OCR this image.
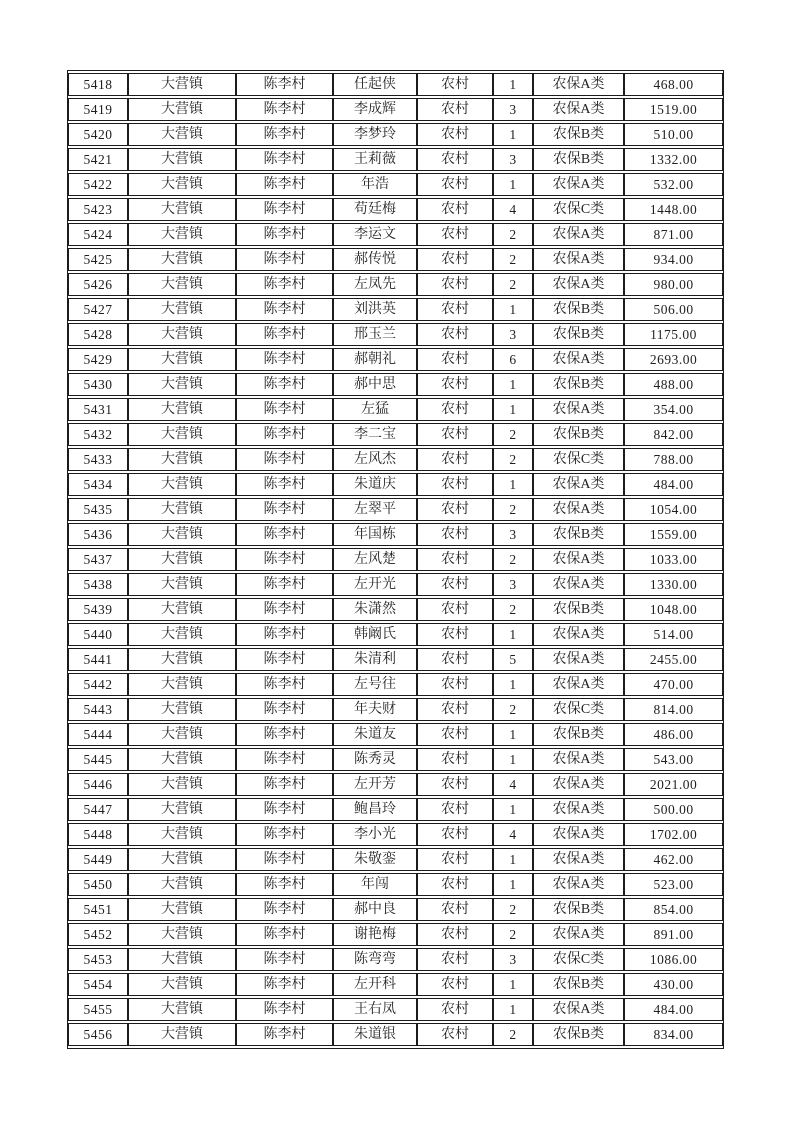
5418	大营镇	陈李村	任起侠	农村	1	农保A类	468.00
5419	大营镇	陈李村	李成辉	农村	3	农保A类	1519.00
5420	大营镇	陈李村	李梦玲	农村	1	农保B类	510.00
5421	大营镇	陈李村	王莉薇	农村	3	农保B类	1332.00
5422	大营镇	陈李村	年浩	农村	1	农保A类	532.00
5423	大营镇	陈李村	苟廷梅	农村	4	农保C类	1448.00
5424	大营镇	陈李村	李运文	农村	2	农保A类	871.00
5425	大营镇	陈李村	郝传悦	农村	2	农保A类	934.00
5426	大营镇	陈李村	左凤先	农村	2	农保A类	980.00
5427	大营镇	陈李村	刘洪英	农村	1	农保B类	506.00
5428	大营镇	陈李村	邢玉兰	农村	3	农保B类	1175.00
5429	大营镇	陈李村	郝朝礼	农村	6	农保A类	2693.00
5430	大营镇	陈李村	郝中思	农村	1	农保B类	488.00
5431	大营镇	陈李村	左猛	农村	1	农保A类	354.00
5432	大营镇	陈李村	李二宝	农村	2	农保B类	842.00
5433	大营镇	陈李村	左风杰	农村	2	农保C类	788.00
5434	大营镇	陈李村	朱道庆	农村	1	农保A类	484.00
5435	大营镇	陈李村	左翠平	农村	2	农保A类	1054.00
5436	大营镇	陈李村	年国栋	农村	3	农保B类	1559.00
5437	大营镇	陈李村	左风楚	农村	2	农保A类	1033.00
5438	大营镇	陈李村	左开光	农村	3	农保A类	1330.00
5439	大营镇	陈李村	朱潇然	农村	2	农保B类	1048.00
5440	大营镇	陈李村	韩阚氏	农村	1	农保A类	514.00
5441	大营镇	陈李村	朱清利	农村	5	农保A类	2455.00
5442	大营镇	陈李村	左号往	农村	1	农保A类	470.00
5443	大营镇	陈李村	年夫财	农村	2	农保C类	814.00
5444	大营镇	陈李村	朱道友	农村	1	农保B类	486.00
5445	大营镇	陈李村	陈秀灵	农村	1	农保A类	543.00
5446	大营镇	陈李村	左开芳	农村	4	农保A类	2021.00
5447	大营镇	陈李村	鲍昌玲	农村	1	农保A类	500.00
5448	大营镇	陈李村	李小光	农村	4	农保A类	1702.00
5449	大营镇	陈李村	朱敬銮	农村	1	农保A类	462.00
5450	大营镇	陈李村	年闯	农村	1	农保A类	523.00
5451	大营镇	陈李村	郝中良	农村	2	农保B类	854.00
5452	大营镇	陈李村	谢艳梅	农村	2	农保A类	891.00
5453	大营镇	陈李村	陈弯弯	农村	3	农保C类	1086.00
5454	大营镇	陈李村	左开科	农村	1	农保B类	430.00
5455	大营镇	陈李村	王右凤	农村	1	农保A类	484.00
5456	大营镇	陈李村	朱道银	农村	2	农保B类	834.00
